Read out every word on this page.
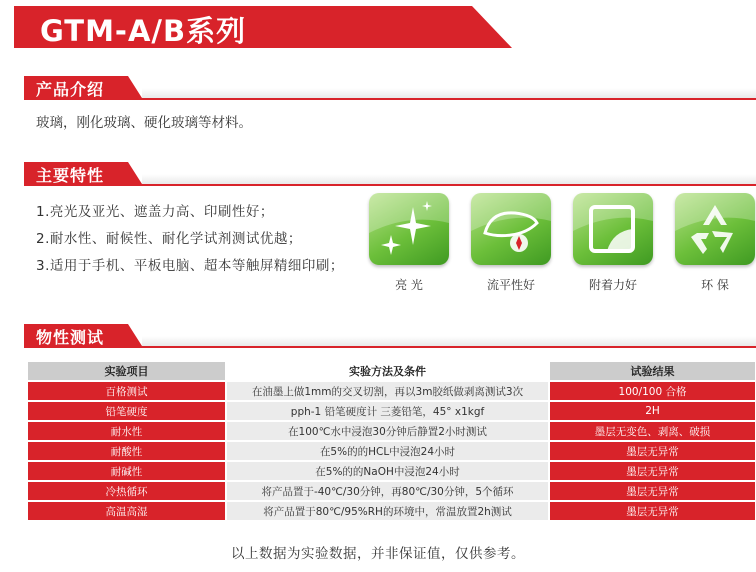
GTM-A/B系列
产品介绍
玻璃，刚化玻璃、硬化玻璃等材料。
主要特性
1.亮光及亚光、遮盖力高、印刷性好；
2.耐水性、耐候性、耐化学试剂测试优越；
3.适用于手机、平板电脑、超本等触屏精细印刷；
亮 光	流平性好	附着力好	环 保
物性测试
实验项目	实验方法及条件	试验结果
百格测试	在油墨上做1mm的交叉切割，再以3m胶纸做剥离测试3次	100/100 合格
铅笔硬度	pph-1 铅笔硬度计 三菱铅笔，45° x1kgf	2H
耐水性	在100℃水中浸泡30分钟后静置2小时测试	墨层无变色、剥离、破损
耐酸性	在5%的的HCL中浸泡24小时	墨层无异常
耐碱性	在5%的的NaOH中浸泡24小时	墨层无异常
冷热循环	将产品置于-40℃/30分钟，再80℃/30分钟，5个循环	墨层无异常
高温高湿	将产品置于80℃/95%RH的环境中，常温放置2h测试	墨层无异常
以上数据为实验数据，并非保证值，仅供参考。
